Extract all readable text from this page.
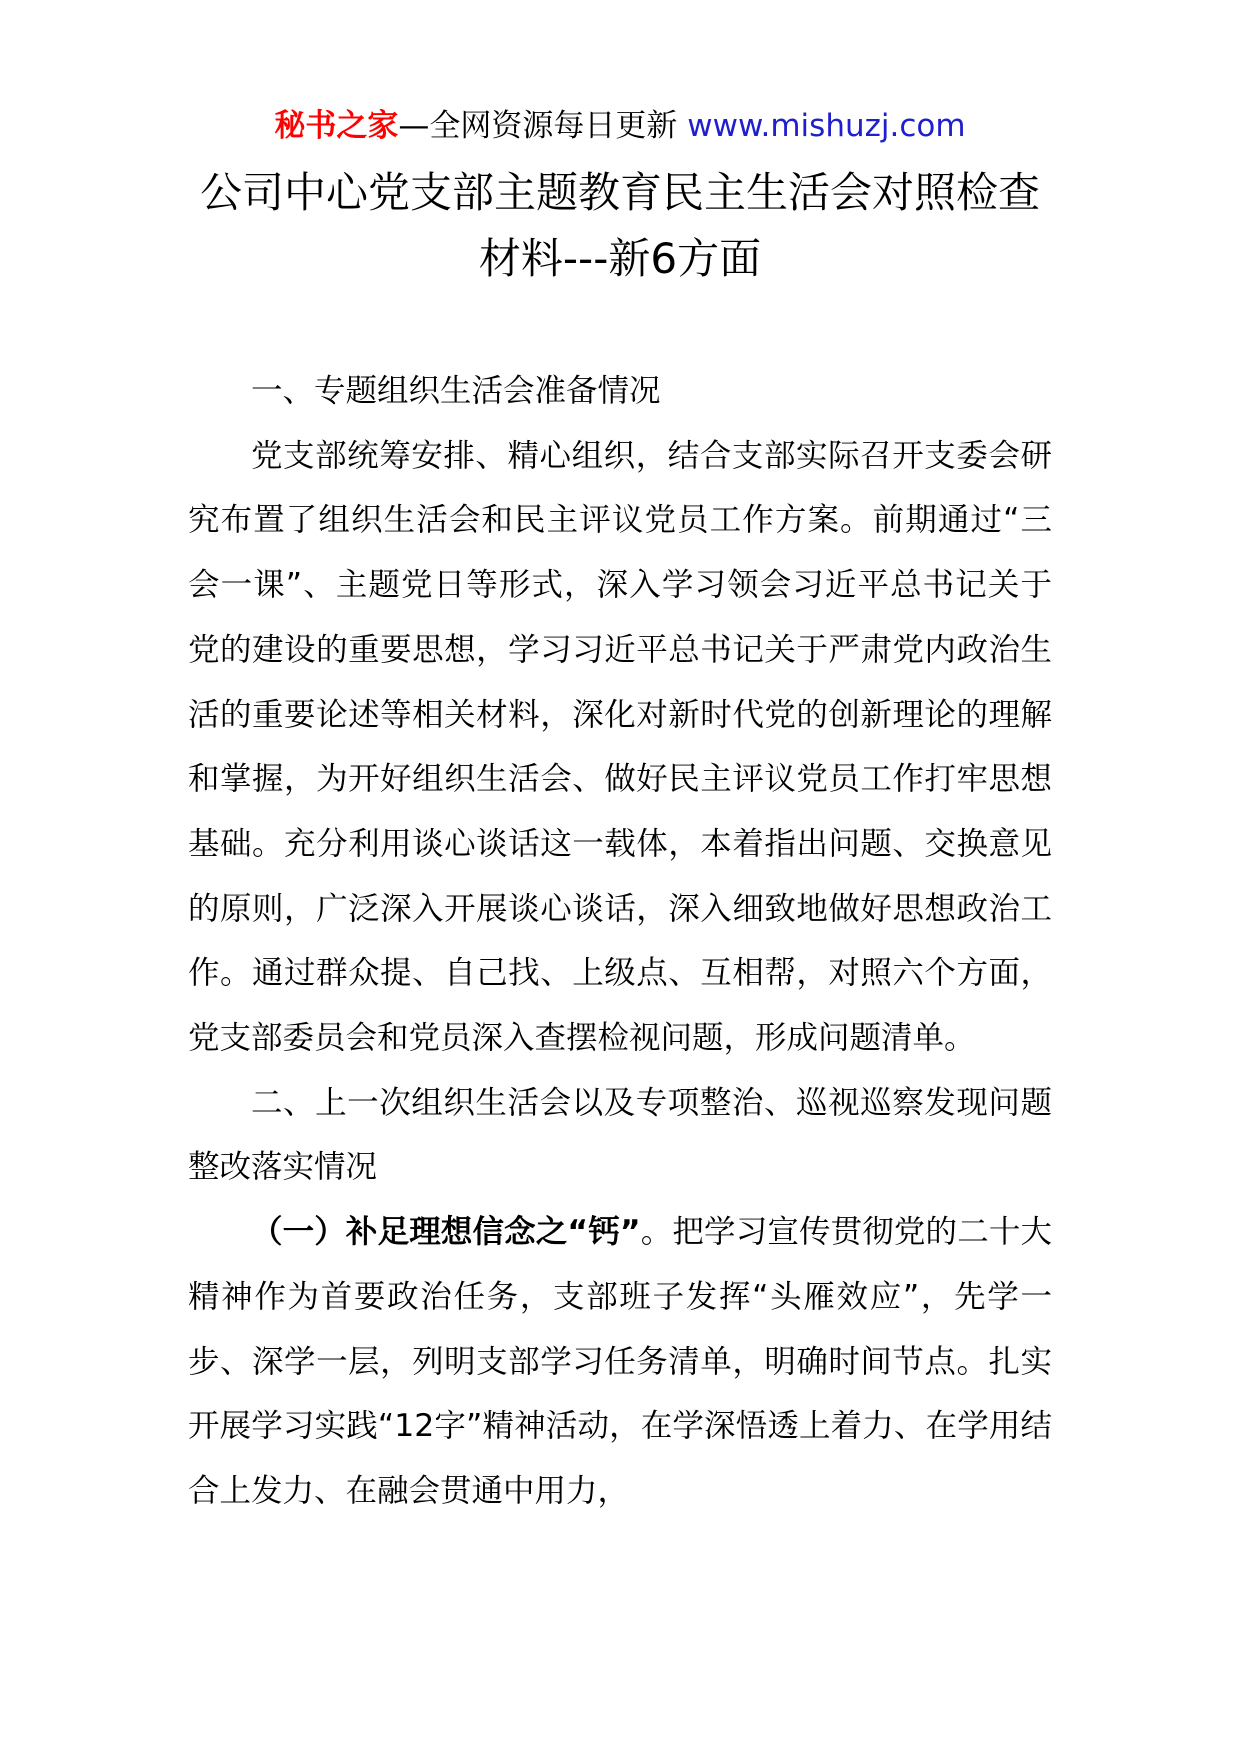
秘书之家—全网资源每日更新 www.mishuzj.com
公司中心党支部主题教育民主生活会对照检查
材料---新6方面

一、专题组织生活会准备情况

党支部统筹安排、精心组织，结合支部实际召开支委会研究布置了组织生活会和民主评议党员工作方案。前期通过“三会一课”、主题党日等形式，深入学习领会习近平总书记关于党的建设的重要思想，学习习近平总书记关于严肃党内政治生活的重要论述等相关材料，深化对新时代党的创新理论的理解和掌握，为开好组织生活会、做好民主评议党员工作打牢思想基础。充分利用谈心谈话这一载体，本着指出问题、交换意见的原则，广泛深入开展谈心谈话，深入细致地做好思想政治工作。通过群众提、自己找、上级点、互相帮，对照六个方面，党支部委员会和党员深入查摆检视问题，形成问题清单。

二、上一次组织生活会以及专项整治、巡视巡察发现问题整改落实情况

（一）补足理想信念之“钙”。把学习宣传贯彻党的二十大精神作为首要政治任务，支部班子发挥“头雁效应”，先学一步、深学一层，列明支部学习任务清单，明确时间节点。扎实开展学习实践“12字”精神活动，在学深悟透上着力、在学用结合上发力、在融会贯通中用力，
